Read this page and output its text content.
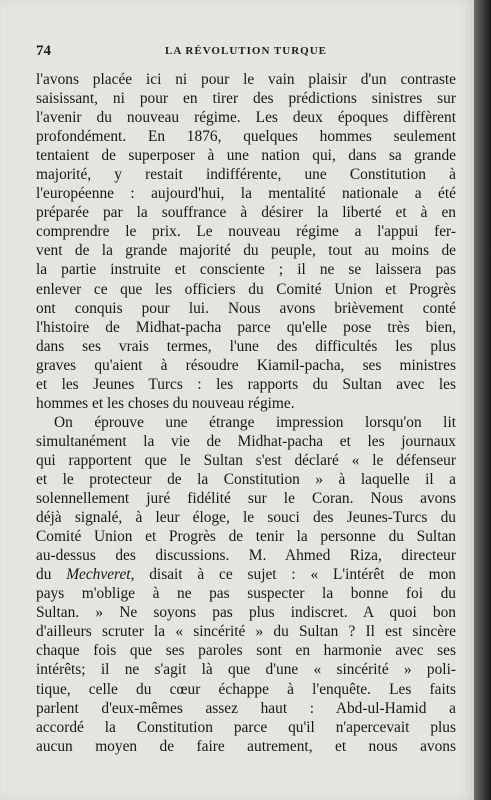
74	LA RÉVOLUTION TURQUE
l'avons placée ici ni pour le vain plaisir d'un contraste
saisissant, ni pour en tirer des prédictions sinistres sur
l'avenir du nouveau régime. Les deux époques diffèrent
profondément. En 1876, quelques hommes seulement
tentaient de superposer à une nation qui, dans sa grande
majorité, y restait indifférente, une Constitution à
l'européenne : aujourd'hui, la mentalité nationale a été
préparée par la souffrance à désirer la liberté et à en
comprendre le prix. Le nouveau régime a l'appui fer-
vent de la grande majorité du peuple, tout au moins de
la partie instruite et consciente ; il ne se laissera pas
enlever ce que les officiers du Comité Union et Progrès
ont conquis pour lui. Nous avons brièvement conté
l'histoire de Midhat-pacha parce qu'elle pose très bien,
dans ses vrais termes, l'une des difficultés les plus
graves qu'aient à résoudre Kiamil-pacha, ses ministres
et les Jeunes Turcs : les rapports du Sultan avec les
hommes et les choses du nouveau régime.
On éprouve une étrange impression lorsqu'on lit
simultanément la vie de Midhat-pacha et les journaux
qui rapportent que le Sultan s'est déclaré « le défenseur
et le protecteur de la Constitution » à laquelle il a
solennellement juré fidélité sur le Coran. Nous avons
déjà signalé, à leur éloge, le souci des Jeunes-Turcs du
Comité Union et Progrès de tenir la personne du Sultan
au-dessus des discussions. M. Ahmed Riza, directeur
du Mechveret, disait à ce sujet : « L'intérêt de mon
pays m'oblige à ne pas suspecter la bonne foi du
Sultan. » Ne soyons pas plus indiscret. A quoi bon
d'ailleurs scruter la « sincérité » du Sultan ? Il est sincère
chaque fois que ses paroles sont en harmonie avec ses
intérêts; il ne s'agit là que d'une « sincérité » poli-
tique, celle du cœur échappe à l'enquête. Les faits
parlent d'eux-mêmes assez haut : Abd-ul-Hamid a
accordé la Constitution parce qu'il n'apercevait plus
aucun moyen de faire autrement, et nous avons
